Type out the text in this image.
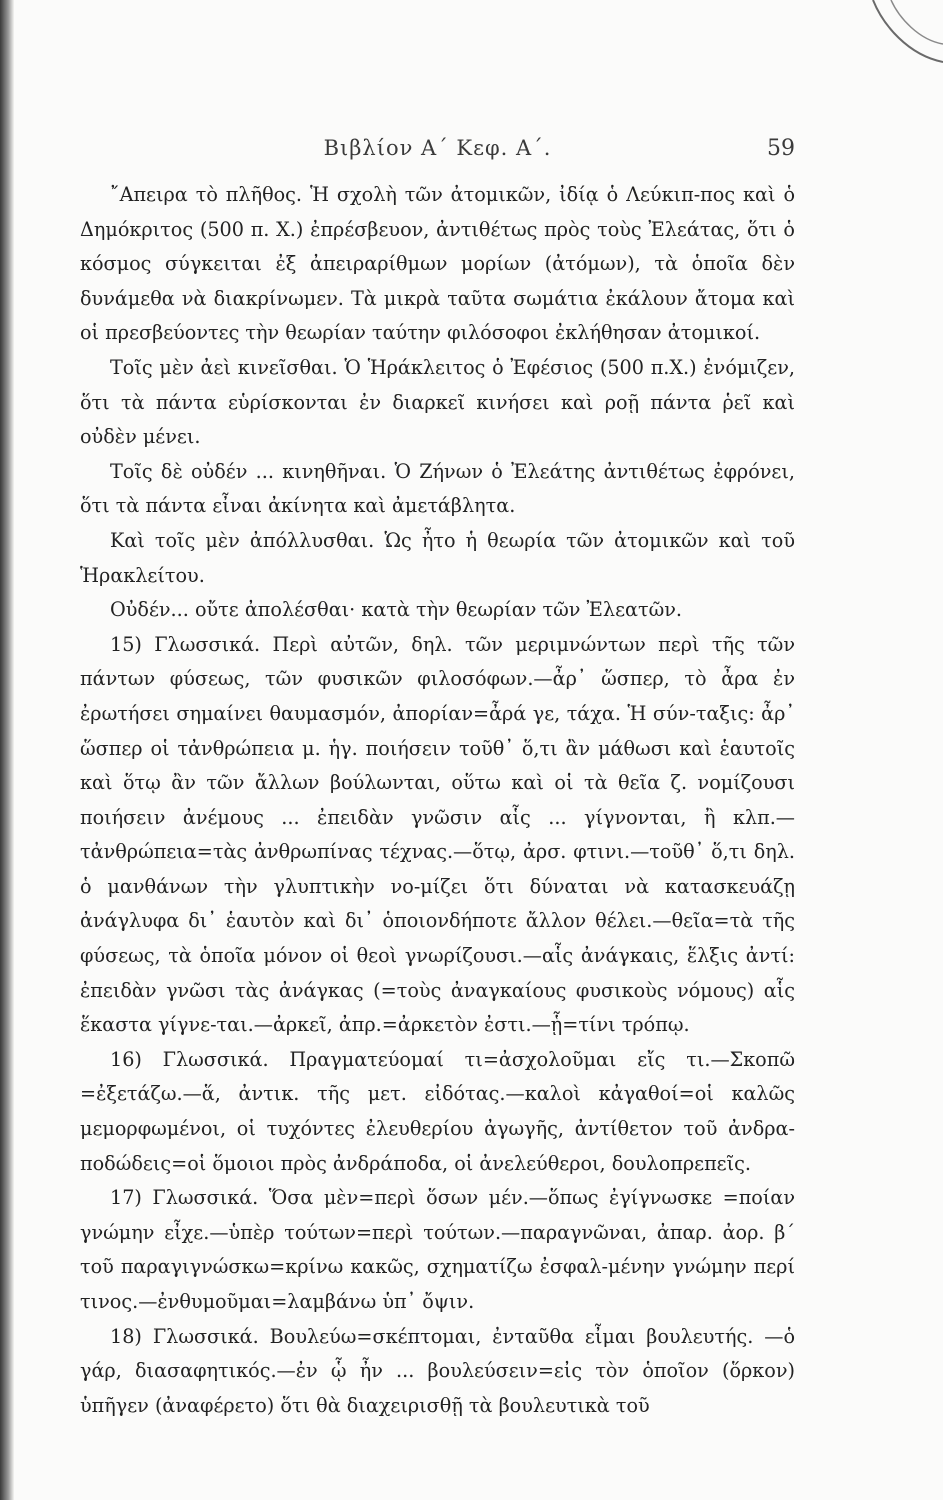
Βιβλίον Α΄ Κεφ. Α΄.	59

῎Απειρα τὸ πλῆθος. Ἡ σχολὴ τῶν ἀτομικῶν, ἰδίᾳ ὁ Λεύκιπ-πος καὶ ὁ Δημόκριτος (500 π. Χ.) ἐπρέσβευον, ἀντιθέτως πρὸς τοὺς Ἐλεάτας, ὅτι ὁ κόσμος σύγκειται ἐξ ἀπειραρίθμων μορίων (ἀτόμων), τὰ ὁποῖα δὲν δυνάμεθα νὰ διακρίνωμεν. Τὰ μικρὰ ταῦτα σωμάτια ἐκάλουν ἄτομα καὶ οἱ πρεσβεύοντες τὴν θεωρίαν ταύτην φιλόσοφοι ἐκλήθησαν ἀτομικοί.

Τοῖς μὲν ἀεὶ κινεῖσθαι. Ὁ Ἡράκλειτος ὁ Ἐφέσιος (500 π.Χ.) ἐνόμιζεν, ὅτι τὰ πάντα εὑρίσκονται ἐν διαρκεῖ κινήσει καὶ ροῇ πάντα ῥεῖ καὶ οὐδὲν μένει.

Τοῖς δὲ οὐδέν ... κινηθῆναι. Ὁ Ζήνων ὁ Ἐλεάτης ἀντιθέτως ἐφρόνει, ὅτι τὰ πάντα εἶναι ἀκίνητα καὶ ἀμετάβλητα.

Καὶ τοῖς μὲν ἀπόλλυσθαι. Ὡς ἦτο ἡ θεωρία τῶν ἀτομικῶν καὶ τοῦ Ἡρακλείτου.

Οὐδέν... οὔτε ἀπολέσθαι· κατὰ τὴν θεωρίαν τῶν Ἐλεατῶν.

15) Γλωσσικά. Περὶ αὐτῶν, δηλ. τῶν μεριμνώντων περὶ τῆς τῶν πάντων φύσεως, τῶν φυσικῶν φιλοσόφων.—ἆρ᾽ ὥσπερ, τὸ ἆρα ἐν ἐρωτήσει σημαίνει θαυμασμόν, ἀπορίαν=ἆρά γε, τάχα. Ἡ σύν-ταξις: ἆρ᾽ ὥσπερ οἱ τἀνθρώπεια μ. ἡγ. ποιήσειν τοῦθ᾽ ὅ,τι ἂν μάθωσι καὶ ἑαυτοῖς καὶ ὅτῳ ἂν τῶν ἄλλων βούλωνται, οὕτω καὶ οἱ τὰ θεῖα ζ. νομίζουσι ποιήσειν ἀνέμους ... ἐπειδὰν γνῶσιν αἷς ... γίγνονται, ἢ κλπ.—τἀνθρώπεια=τὰς ἀνθρωπίνας τέχνας.—ὅτῳ, ἀρσ. φτινι.—τοῦθ᾽ ὅ,τι δηλ. ὁ μανθάνων τὴν γλυπτικὴν νο-μίζει ὅτι δύναται νὰ κατασκευάζῃ ἀνάγλυφα δι᾽ ἑαυτὸν καὶ δι᾽ ὁποιονδήποτε ἄλλον θέλει.—θεῖα=τὰ τῆς φύσεως, τὰ ὁποῖα μόνον οἱ θεοὶ γνωρίζουσι.—αἷς ἀνάγκαις, ἕλξις ἀντί: ἐπειδὰν γνῶσι τὰς ἀνάγκας (=τοὺς ἀναγκαίους φυσικοὺς νόμους) αἷς ἕκαστα γίγνε-ται.—ἀρκεῖ, ἀπρ.=ἀρκετὸν ἐστι.—ᾗ=τίνι τρόπῳ.

16) Γλωσσικά. Πραγματεύομαί τι=ἀσχολοῦμαι εἴς τι.—Σκοπῶ =ἐξετάζω.—ἅ, ἀντικ. τῆς μετ. εἰδότας.—καλοὶ κἀγαθοί=οἱ καλῶς μεμορφωμένοι, οἱ τυχόντες ἐλευθερίου ἀγωγῆς, ἀντίθετον τοῦ ἀνδρα-ποδώδεις=οἱ ὅμοιοι πρὸς ἀνδράποδα, οἱ ἀνελεύθεροι, δουλοπρεπεῖς.

17) Γλωσσικά. Ὅσα μὲν=περὶ ὅσων μέν.—ὅπως ἐγίγνωσκε =ποίαν γνώμην εἶχε.—ὑπὲρ τούτων=περὶ τούτων.—παραγνῶναι, ἀπαρ. ἀορ. β΄ τοῦ παραγιγνώσκω=κρίνω κακῶς, σχηματίζω ἐσφαλ-μένην γνώμην περί τινος.—ἐνθυμοῦμαι=λαμβάνω ὑπ᾽ ὄψιν.

18) Γλωσσικά. Βουλεύω=σκέπτομαι, ἐνταῦθα εἶμαι βουλευτής. —ὁ γάρ, διασαφητικός.—ἐν ᾧ ἦν ... βουλεύσειν=εἰς τὸν ὁποῖον (ὅρκον) ὑπῆγεν (ἀναφέρετο) ὅτι θὰ διαχειρισθῇ τὰ βουλευτικὰ τοῦ
